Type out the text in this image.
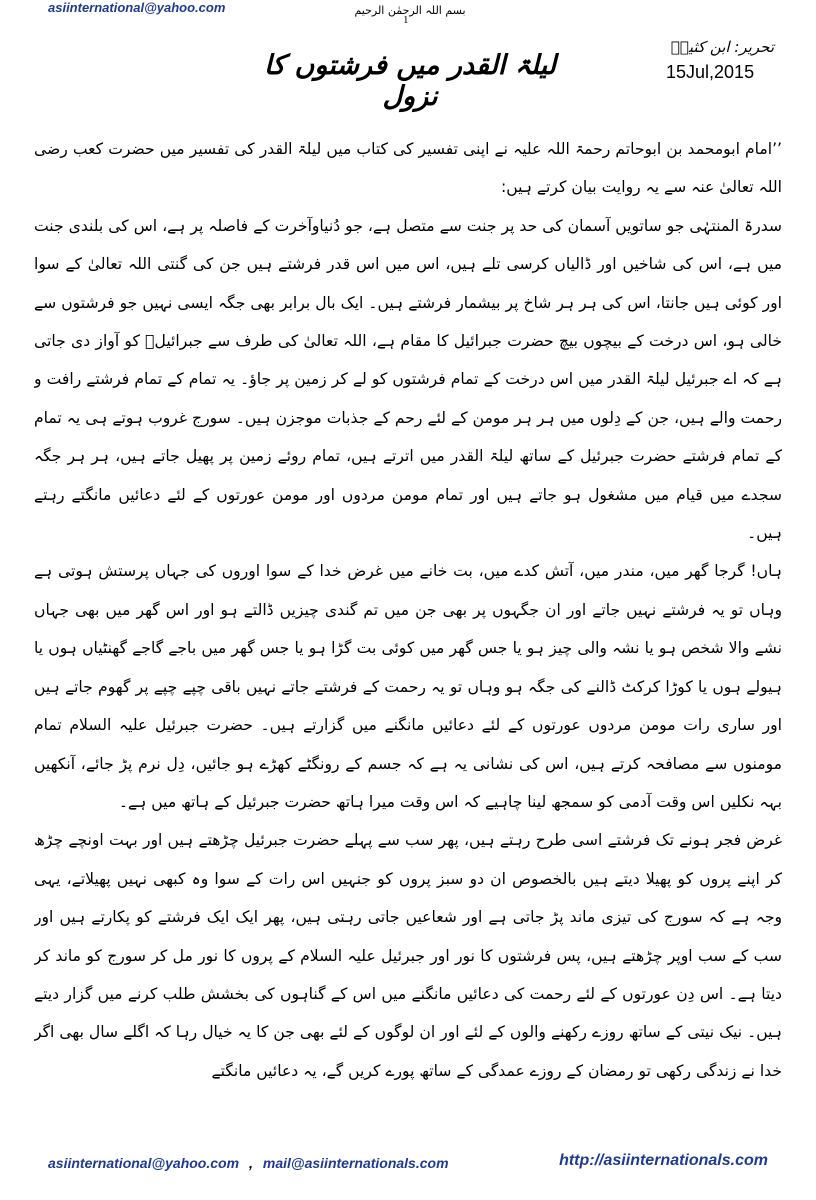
asiinternational@yahoo.com	بسم اللہ الرحمٰن الرحیم
1
تحریر: ابن کثیرؒ
15Jul,2015
لیلۃ القدر میں فرشتوں کا نزول

’’امام ابومحمد بن ابوحاتم رحمۃ اللہ علیہ نے اپنی تفسیر کی کتاب میں لیلۃ القدر کی تفسیر میں حضرت کعب رضی اللہ تعالیٰ عنہ سے یہ روایت بیان کرتے ہیں:

سدرۃ المنتہٰی جو ساتویں آسمان کی حد پر جنت سے متصل ہے، جو دُنیاوآخرت کے فاصلہ پر ہے، اس کی بلندی جنت میں ہے، اس کی شاخیں اور ڈالیاں کرسی تلے ہیں، اس میں اس قدر فرشتے ہیں جن کی گنتی اللہ تعالیٰ کے سوا اور کوئی ہیں جانتا، اس کی ہر ہر شاخ پر بیشمار فرشتے ہیں۔ ایک بال برابر بھی جگہ ایسی نہیں جو فرشتوں سے خالی ہو، اس درخت کے بیچوں بیچ حضرت جبرائیل کا مقام ہے، اللہ تعالیٰ کی طرف سے جبرائیلؑ کو آواز دی جاتی ہے کہ اے جبرئیل لیلۃ القدر میں اس درخت کے تمام فرشتوں کو لے کر زمین پر جاؤ۔ یہ تمام کے تمام فرشتے رافت و رحمت والے ہیں، جن کے دِلوں میں ہر ہر مومن کے لئے رحم کے جذبات موجزن ہیں۔ سورج غروب ہوتے ہی یہ تمام کے تمام فرشتے حضرت جبرئیل کے ساتھ لیلۃ القدر میں اترتے ہیں، تمام روئے زمین پر پھیل جاتے ہیں، ہر ہر جگہ سجدے میں قیام میں مشغول ہو جاتے ہیں اور تمام مومن مردوں اور مومن عورتوں کے لئے دعائیں مانگتے رہتے ہیں۔

ہاں! گرجا گھر میں، مندر میں، آتش کدے میں، بت خانے میں غرض خدا کے سوا اوروں کی جہاں پرستش ہوتی ہے وہاں تو یہ فرشتے نہیں جاتے اور ان جگہوں پر بھی جن میں تم گندی چیزیں ڈالتے ہو اور اس گھر میں بھی جہاں نشے والا شخص ہو یا نشہ والی چیز ہو یا جس گھر میں کوئی بت گڑا ہو یا جس گھر میں باجے گاجے گھنٹیاں ہوں یا ہیولے ہوں یا کوڑا کرکٹ ڈالنے کی جگہ ہو وہاں تو یہ رحمت کے فرشتے جاتے نہیں باقی چپے چپے پر گھوم جاتے ہیں اور ساری رات مومن مردوں عورتوں کے لئے دعائیں مانگنے میں گزارتے ہیں۔ حضرت جبرئیل علیہ السلام تمام مومنوں سے مصافحہ کرتے ہیں، اس کی نشانی یہ ہے کہ جسم کے رونگٹے کھڑے ہو جائیں، دِل نرم پڑ جائے، آنکھیں بہہ نکلیں اس وقت آدمی کو سمجھ لینا چاہیے کہ اس وقت میرا ہاتھ حضرت جبرئیل کے ہاتھ میں ہے۔

غرض فجر ہونے تک فرشتے اسی طرح رہتے ہیں، پھر سب سے پہلے حضرت جبرئیل چڑھتے ہیں اور بہت اونچے چڑھ کر اپنے پروں کو پھیلا دیتے ہیں بالخصوص ان دو سبز پروں کو جنہیں اس رات کے سوا وہ کبھی نہیں پھیلاتے، یہی وجہ ہے کہ سورج کی تیزی ماند پڑ جاتی ہے اور شعاعیں جاتی رہتی ہیں، پھر ایک ایک فرشتے کو پکارتے ہیں اور سب کے سب اوپر چڑھتے ہیں، پس فرشتوں کا نور اور جبرئیل علیہ السلام کے پروں کا نور مل کر سورج کو ماند کر دیتا ہے۔ اس دِن عورتوں کے لئے رحمت کی دعائیں مانگنے میں اس کے گناہوں کی بخشش طلب کرنے میں گزار دیتے ہیں۔ نیک نیتی کے ساتھ روزے رکھنے والوں کے لئے اور ان لوگوں کے لئے بھی جن کا یہ خیال رہا کہ اگلے سال بھی اگر خدا نے زندگی رکھی تو رمضان کے روزے عمدگی کے ساتھ پورے کریں گے، یہ دعائیں مانگتے

asiinternational@yahoo.com , mail@asiinternationals.com	http://asiinternationals.com
